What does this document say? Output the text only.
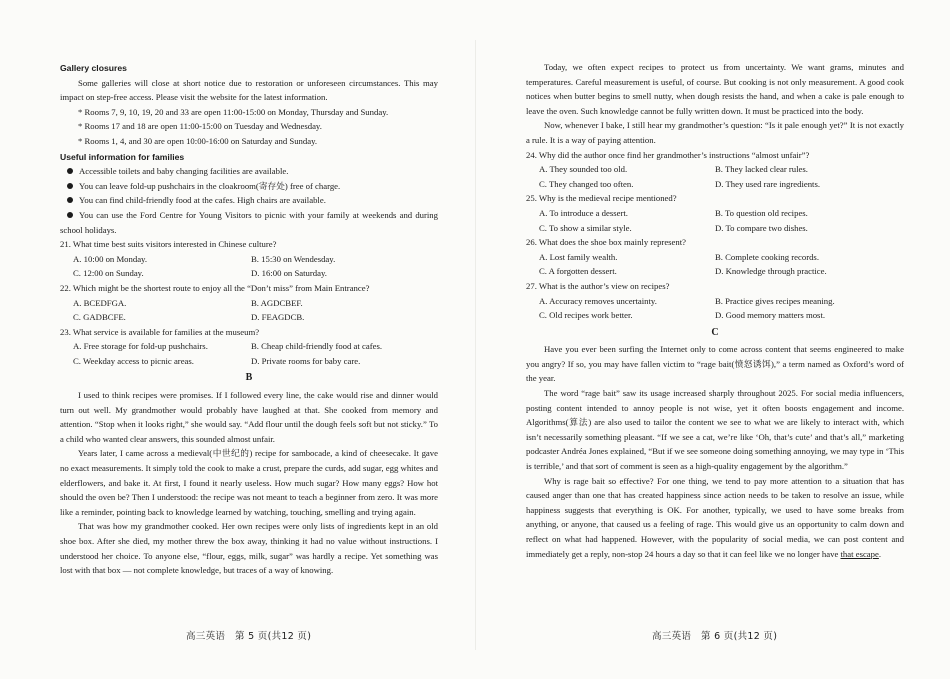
Gallery closures

Some galleries will close at short notice due to restoration or unforeseen circumstances. This may impact on step-free access. Please visit the website for the latest information.

* Rooms 7, 9, 10, 19, 20 and 33 are open 11:00-15:00 on Monday, Thursday and Sunday.

* Rooms 17 and 18 are open 11:00-15:00 on Tuesday and Wednesday.

* Rooms 1, 4, and 30 are open 10:00-16:00 on Saturday and Sunday.

Useful information for families

Accessible toilets and baby changing facilities are available.

You can leave fold-up pushchairs in the cloakroom(寄存处) free of charge.

You can find child-friendly food at the cafes. High chairs are available.

You can use the Ford Centre for Young Visitors to picnic with your family at weekends and during school holidays.

21. What time best suits visitors interested in Chinese culture?

A. 10:00 on Monday.	B. 15:30 on Wendesday.
C. 12:00 on Sunday.	D. 16:00 on Saturday.

22. Which might be the shortest route to enjoy all the “Don’t miss” from Main Entrance?

A. BCEDFGA.	B. AGDCBEF.
C. GADBCFE.	D. FEAGDCB.

23. What service is available for families at the museum?

A. Free storage for fold-up pushchairs.	B. Cheap child-friendly food at cafes.
C. Weekday access to picnic areas.	D. Private rooms for baby care.

B

I used to think recipes were promises. If I followed every line, the cake would rise and dinner would turn out well. My grandmother would probably have laughed at that. She cooked from memory and attention. “Stop when it looks right,” she would say. “Add flour until the dough feels soft but not sticky.” To a child who wanted clear answers, this sounded almost unfair.

Years later, I came across a medieval(中世纪的) recipe for sambocade, a kind of cheesecake. It gave no exact measurements. It simply told the cook to make a crust, prepare the curds, add sugar, egg whites and elderflowers, and bake it. At first, I found it nearly useless. How much sugar? How many eggs? How hot should the oven be? Then I understood: the recipe was not meant to teach a beginner from zero. It was more like a reminder, pointing back to knowledge learned by watching, touching, smelling and trying again.

That was how my grandmother cooked. Her own recipes were only lists of ingredients kept in an old shoe box. After she died, my mother threw the box away, thinking it had no value without instructions. I understood her choice. To anyone else, “flour, eggs, milk, sugar” was hardly a recipe. Yet something was lost with that box — not complete knowledge, but traces of a way of knowing.

Today, we often expect recipes to protect us from uncertainty. We want grams, minutes and temperatures. Careful measurement is useful, of course. But cooking is not only measurement. A good cook notices when butter begins to smell nutty, when dough resists the hand, and when a cake is pale enough to leave the oven. Such knowledge cannot be fully written down. It must be practiced into the body.

Now, whenever I bake, I still hear my grandmother’s question: “Is it pale enough yet?” It is not exactly a rule. It is a way of paying attention.

24. Why did the author once find her grandmother’s instructions “almost unfair”?

A. They sounded too old.	B. They lacked clear rules.
C. They changed too often.	D. They used rare ingredients.

25. Why is the medieval recipe mentioned?

A. To introduce a dessert.	B. To question old recipes.
C. To show a similar style.	D. To compare two dishes.

26. What does the shoe box mainly represent?

A. Lost family wealth.	B. Complete cooking records.
C. A forgotten dessert.	D. Knowledge through practice.

27. What is the author’s view on recipes?

A. Accuracy removes uncertainty.	B. Practice gives recipes meaning.
C. Old recipes work better.	D. Good memory matters most.

C

Have you ever been surfing the Internet only to come across content that seems engineered to make you angry? If so, you may have fallen victim to “rage bait(愤怒诱饵),” a term named as Oxford’s word of the year.

The word “rage bait” saw its usage increased sharply throughout 2025. For social media influencers, posting content intended to annoy people is not wise, yet it often boosts engagement and income. Algorithms(算法) are also used to tailor the content we see to what we are likely to interact with, which isn’t necessarily something pleasant. “If we see a cat, we’re like ‘Oh, that’s cute’ and that’s all,” marketing podcaster Andréa Jones explained, “But if we see someone doing something annoying, we may type in ‘This is terrible,’ and that sort of comment is seen as a high-quality engagement by the algorithm.”

Why is rage bait so effective? For one thing, we tend to pay more attention to a situation that has caused anger than one that has created happiness since action needs to be taken to resolve an issue, while happiness suggests that everything is OK. For another, typically, we used to have some breaks from anything, or anyone, that caused us a feeling of rage. This would give us an opportunity to calm down and reflect on what had happened. However, with the popularity of social media, we can post content and immediately get a reply, non-stop 24 hours a day so that it can feel like we no longer have that escape.

高三英语　第 5 页(共12 页)	高三英语　第 6 页(共12 页)
